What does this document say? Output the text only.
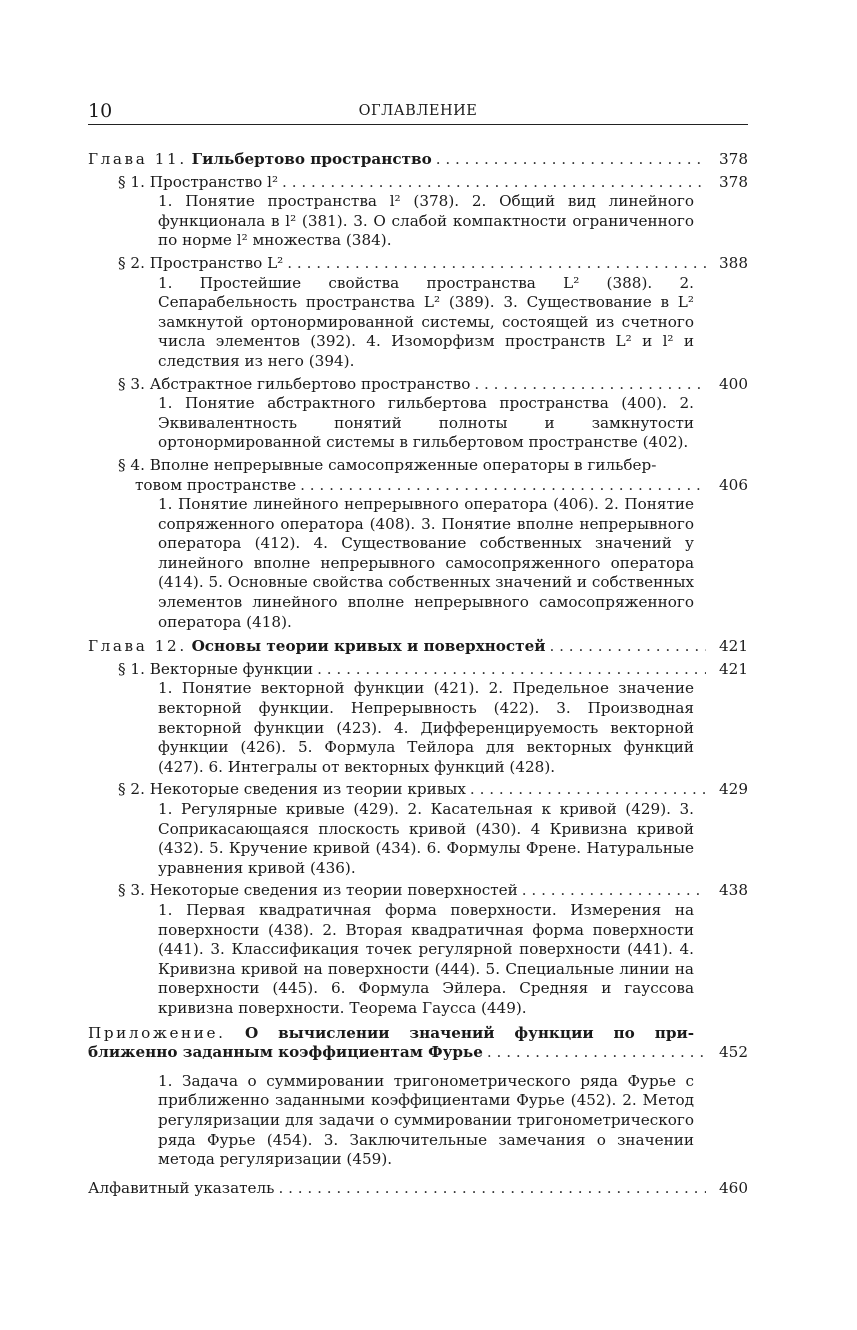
10	ОГЛАВЛЕНИЕ
Глава 11. Гильбертово пространство . . .	378
§ 1. Пространство l² . . .	378
1. Понятие пространства l² (378). 2. Общий вид линейного функционала в l² (381). 3. О слабой компактности ограниченного по норме l² множества (384).
§ 2. Пространство L² . . .	388
1. Простейшие свойства пространства L² (388). 2. Сепарабельность пространства L² (389). 3. Существование в L² замкнутой ортонормированной системы, состоящей из счетного числа элементов (392). 4. Изоморфизм пространств L² и l² и следствия из него (394).
§ 3. Абстрактное гильбертово пространство . . .	400
1. Понятие абстрактного гильбертова пространства (400). 2. Эквивалентность понятий полноты и замкнутости ортонормированной системы в гильбертовом пространстве (402).
§ 4. Вполне непрерывные самосопряженные операторы в гильбер-
товом пространстве . . .	406
1. Понятие линейного непрерывного оператора (406). 2. Понятие сопряженного оператора (408). 3. Понятие вполне непрерывного оператора (412). 4. Существование собственных значений у линейного вполне непрерывного самосопряженного оператора (414). 5. Основные свойства собственных значений и собственных элементов линейного вполне непрерывного самосопряженного оператора (418).
Глава 12. Основы теории кривых и поверхностей . . .	421
§ 1. Векторные функции . . .	421
1. Понятие векторной функции (421). 2. Предельное значение векторной функции. Непрерывность (422). 3. Производная векторной функции (423). 4. Дифференцируемость векторной функции (426). 5. Формула Тейлора для векторных функций (427). 6. Интегралы от векторных функций (428).
§ 2. Некоторые сведения из теории кривых . . .	429
1. Регулярные кривые (429). 2. Касательная к кривой (429). 3. Соприкасающаяся плоскость кривой (430). 4 Кривизна кривой (432). 5. Кручение кривой (434). 6. Формулы Френе. Натуральные уравнения кривой (436).
§ 3. Некоторые сведения из теории поверхностей . . .	438
1. Первая квадратичная форма поверхности. Измерения на поверхности (438). 2. Вторая квадратичная форма поверхности (441). 3. Классификация точек регулярной поверхности (441). 4. Кривизна кривой на поверхности (444). 5. Специальные линии на поверхности (445). 6. Формула Эйлера. Средняя и гауссова кривизна поверхности. Теорема Гаусса (449).
Приложение. О вычислении значений функции по при-
ближенно заданным коэффициентам Фурье . . .	452
1. Задача о суммировании тригонометрического ряда Фурье с приближенно заданными коэффициентами Фурье (452). 2. Метод регуляризации для задачи о суммировании тригонометрического ряда Фурье (454). 3. Заключительные замечания о значении метода регуляризации (459).
Алфавитный указатель . . .	460
